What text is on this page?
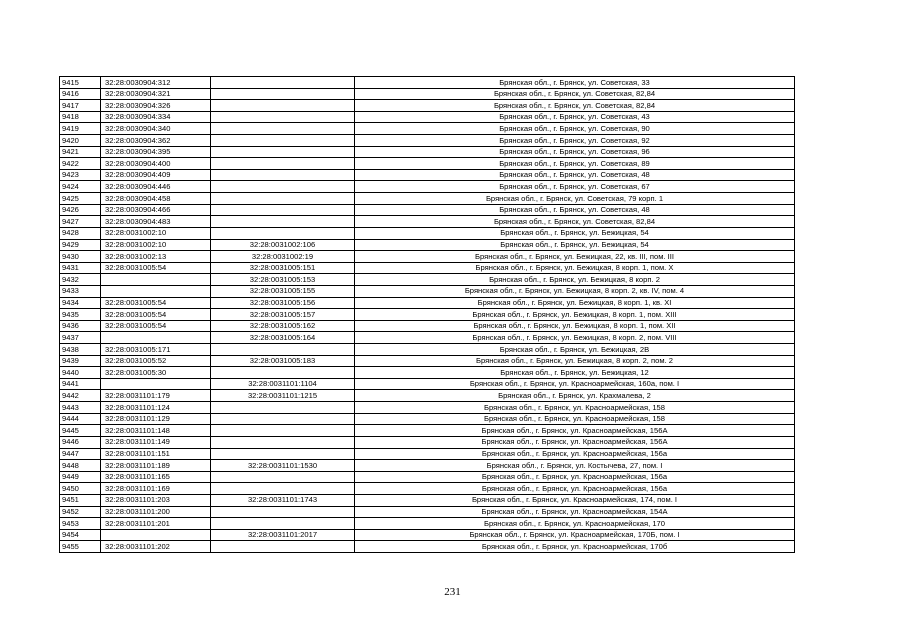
9415	32:28:0030904:312		Брянская обл., г. Брянск, ул. Советская, 33
9416	32:28:0030904:321		Брянская обл., г. Брянск, ул. Советская, 82,84
9417	32:28:0030904:326		Брянская обл., г. Брянск, ул. Советская, 82,84
9418	32:28:0030904:334		Брянская обл., г. Брянск, ул. Советская, 43
9419	32:28:0030904:340		Брянская обл., г. Брянск, ул. Советская, 90
9420	32:28:0030904:362		Брянская обл., г. Брянск, ул. Советская, 92
9421	32:28:0030904:395		Брянская обл., г. Брянск, ул. Советская, 96
9422	32:28:0030904:400		Брянская обл., г. Брянск, ул. Советская, 89
9423	32:28:0030904:409		Брянская обл., г. Брянск, ул. Советская, 48
9424	32:28:0030904:446		Брянская обл., г. Брянск, ул. Советская, 67
9425	32:28:0030904:458		Брянская обл., г. Брянск, ул. Советская, 79 корп. 1
9426	32:28:0030904:466		Брянская обл., г. Брянск, ул. Советская, 48
9427	32:28:0030904:483		Брянская обл., г. Брянск, ул. Советская, 82,84
9428	32:28:0031002:10		Брянская обл., г. Брянск, ул. Бежицкая, 54
9429	32:28:0031002:10	32:28:0031002:106	Брянская обл., г. Брянск, ул. Бежицкая, 54
9430	32:28:0031002:13	32:28:0031002:19	Брянская обл., г. Брянск, ул. Бежицкая, 22, кв. III, пом. III
9431	32:28:0031005:54	32:28:0031005:151	Брянская обл., г. Брянск, ул. Бежицкая, 8 корп. 1, пом. X
9432		32:28:0031005:153	Брянская обл., г. Брянск, ул. Бежицкая, 8 корп. 2
9433		32:28:0031005:155	Брянская обл., г. Брянск, ул. Бежицкая, 8 корп. 2, кв. IV, пом. 4
9434	32:28:0031005:54	32:28:0031005:156	Брянская обл., г. Брянск, ул. Бежицкая, 8 корп. 1, кв. XI
9435	32:28:0031005:54	32:28:0031005:157	Брянская обл., г. Брянск, ул. Бежицкая, 8 корп. 1, пом. XIII
9436	32:28:0031005:54	32:28:0031005:162	Брянская обл., г. Брянск, ул. Бежицкая, 8 корп. 1, пом. XII
9437		32:28:0031005:164	Брянская обл., г. Брянск, ул. Бежицкая, 8 корп. 2, пом. VIII
9438	32:28:0031005:171		Брянская обл., г. Брянск, ул. Бежицкая, 2В
9439	32:28:0031005:52	32:28:0031005:183	Брянская обл., г. Брянск, ул. Бежицкая, 8 корп. 2, пом. 2
9440	32:28:0031005:30		Брянская обл., г. Брянск, ул. Бежицкая, 12
9441		32:28:0031101:1104	Брянская обл., г. Брянск, ул. Красноармейская, 160а, пом. I
9442	32:28:0031101:179	32:28:0031101:1215	Брянская обл., г. Брянск, ул. Крахмалева, 2
9443	32:28:0031101:124		Брянская обл., г. Брянск, ул. Красноармейская, 158
9444	32:28:0031101:129		Брянская обл., г. Брянск, ул. Красноармейская, 158
9445	32:28:0031101:148		Брянская обл., г. Брянск, ул. Красноармейская, 156А
9446	32:28:0031101:149		Брянская обл., г. Брянск, ул. Красноармейская, 156А
9447	32:28:0031101:151		Брянская обл., г. Брянск, ул. Красноармейская, 156а
9448	32:28:0031101:189	32:28:0031101:1530	Брянская обл., г. Брянск, ул. Костычева, 27, пом. I
9449	32:28:0031101:165		Брянская обл., г. Брянск, ул. Красноармейская, 156а
9450	32:28:0031101:169		Брянская обл., г. Брянск, ул. Красноармейская, 156а
9451	32:28:0031101:203	32:28:0031101:1743	Брянская обл., г. Брянск, ул. Красноармейская, 174, пом. I
9452	32:28:0031101:200		Брянская обл., г. Брянск, ул. Красноармейская, 154А
9453	32:28:0031101:201		Брянская обл., г. Брянск, ул. Красноармейская, 170
9454		32:28:0031101:2017	Брянская обл., г. Брянск, ул. Красноармейская, 170Б, пом. I
9455	32:28:0031101:202		Брянская обл., г. Брянск, ул. Красноармейская, 170б
231
